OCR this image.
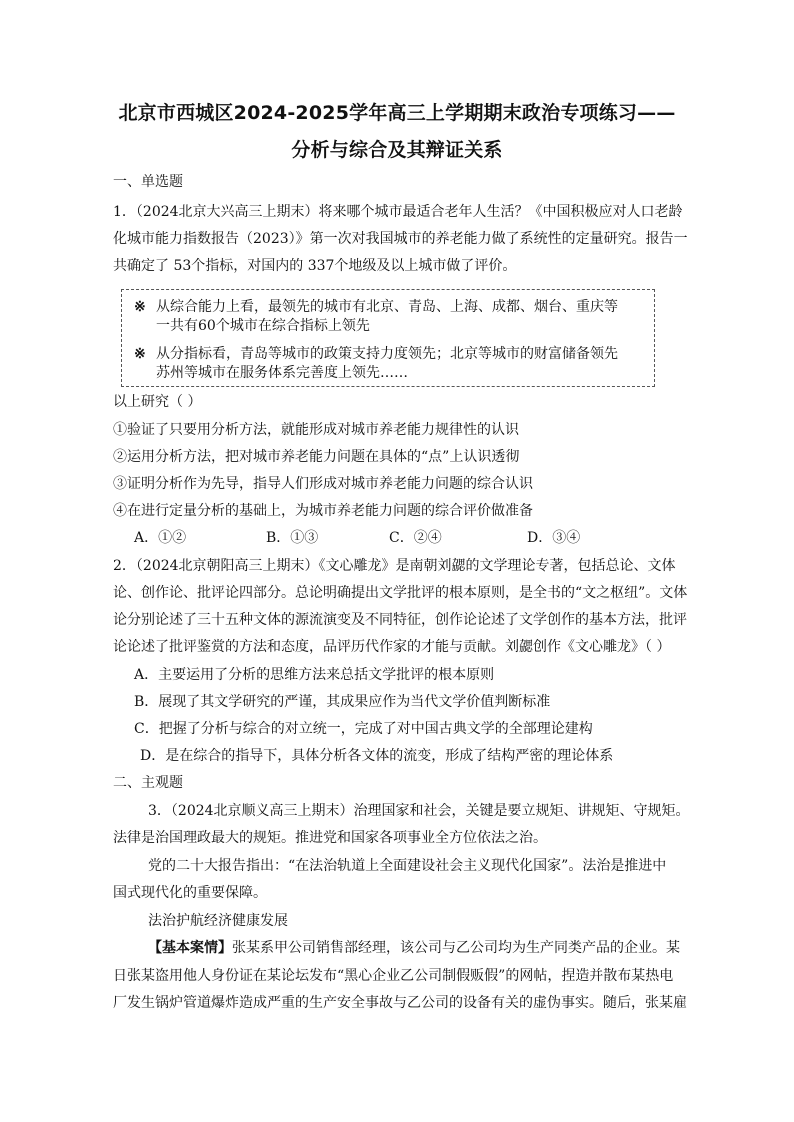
北京市西城区2024-2025学年高三上学期期末政治专项练习——
分析与综合及其辩证关系
一、单选题
1．（2024北京大兴高三上期末）将来哪个城市最适合老年人生活？《中国积极应对人口老龄
化城市能力指数报告（2023）》第一次对我国城市的养老能力做了系统性的定量研究。报告一
共确定了 53个指标，对国内的 337个地级及以上城市做了评价。
※ 从综合能力上看，最领先的城市有北京、青岛、上海、成都、烟台、重庆等
一共有60个城市在综合指标上领先
※ 从分指标看，青岛等城市的政策支持力度领先；北京等城市的财富储备领先
苏州等城市在服务体系完善度上领先……
以上研究（ ）
①验证了只要用分析方法，就能形成对城市养老能力规律性的认识
②运用分析方法，把对城市养老能力问题在具体的“点”上认识透彻
③证明分析作为先导，指导人们形成对城市养老能力问题的综合认识
④在进行定量分析的基础上，为城市养老能力问题的综合评价做准备
A．①②	B．①③	C．②④	D．③④
2．（2024北京朝阳高三上期末）《文心雕龙》是南朝刘勰的文学理论专著，包括总论、文体
论、创作论、批评论四部分。总论明确提出文学批评的根本原则，是全书的“文之枢纽”。文体
论分别论述了三十五种文体的源流演变及不同特征，创作论论述了文学创作的基本方法，批评
论论述了批评鉴赏的方法和态度，品评历代作家的才能与贡献。刘勰创作《文心雕龙》（ ）
A．主要运用了分析的思维方法来总括文学批评的根本原则
B．展现了其文学研究的严谨，其成果应作为当代文学价值判断标准
C．把握了分析与综合的对立统一，完成了对中国古典文学的全部理论建构
D．是在综合的指导下，具体分析各文体的流变，形成了结构严密的理论体系
二、主观题
3．（2024北京顺义高三上期末）治理国家和社会，关键是要立规矩、讲规矩、守规矩。
法律是治国理政最大的规矩。推进党和国家各项事业全方位依法之治。
党的二十大报告指出：“在法治轨道上全面建设社会主义现代化国家”。法治是推进中
国式现代化的重要保障。
法治护航经济健康发展
【基本案情】张某系甲公司销售部经理，该公司与乙公司均为生产同类产品的企业。某
日张某盗用他人身份证在某论坛发布“黑心企业乙公司制假贩假”的网帖，捏造并散布某热电
厂发生锅炉管道爆炸造成严重的生产安全事故与乙公司的设备有关的虚伪事实。随后，张某雇
